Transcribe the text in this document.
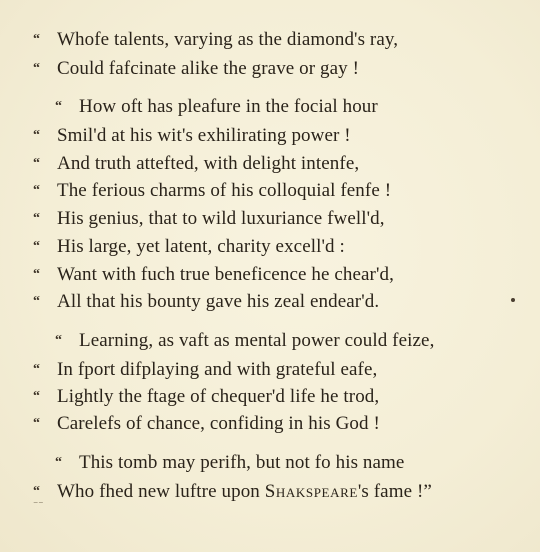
“ Whofe talents, varying as the diamond's ray,
“ Could fafcinate alike the grave or gay !
“ How oft has pleafure in the focial hour
“ Smil'd at his wit's exhilirating power !
“ And truth attefted, with delight intenfe,
“ The ferious charms of his colloquial fenfe !
“ His genius, that to wild luxuriance fwell'd,
“ His large, yet latent, charity excell'd :
“ Want with fuch true beneficence he chear'd,
“ All that his bounty gave his zeal endear'd.
“ Learning, as vaft as mental power could feize,
“ In fport difplaying and with grateful eafe,
“ Lightly the ftage of chequer'd life he trod,
“ Carelefs of chance, confiding in his God !
“ This tomb may perifh, but not fo his name
“ Who fhed new luftre upon Shakspeare's fame !”
⁻⁻
